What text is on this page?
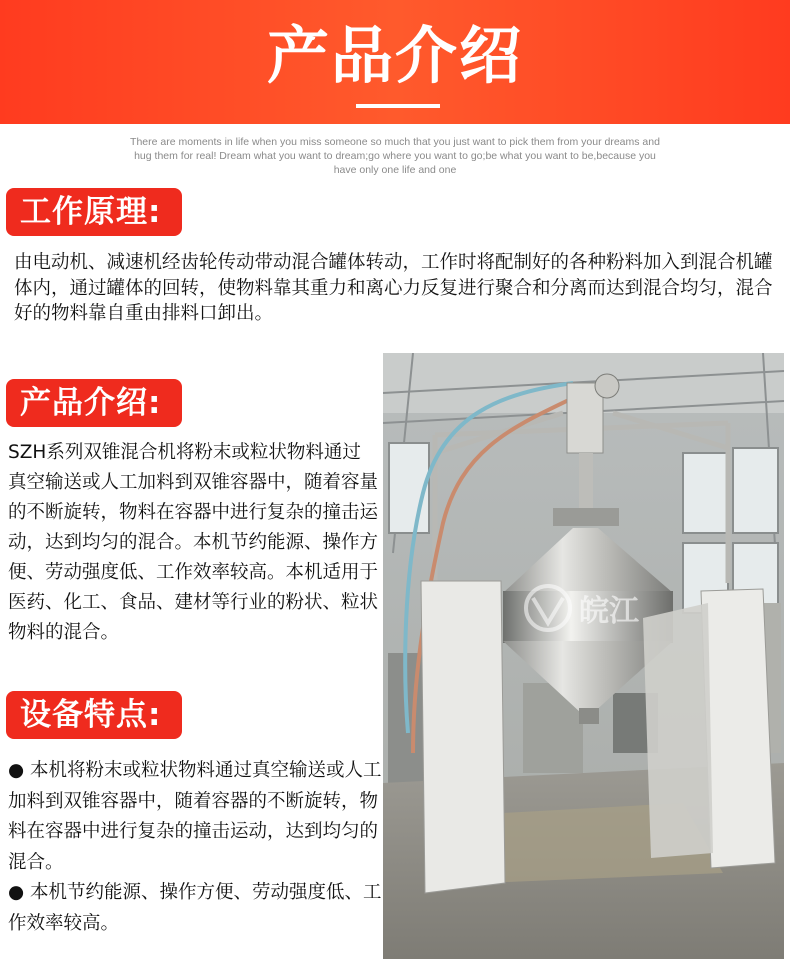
产品介绍
There are moments in life when you miss someone so much that you just want to pick them from your dreams and hug them for real! Dream what you want to dream;go where you want to go;be what you want to be,because you have only one life and one
工作原理:
由电动机、减速机经齿轮传动带动混合罐体转动，工作时将配制好的各种粉料加入到混合机罐体内，通过罐体的回转，使物料靠其重力和离心力反复进行聚合和分离而达到混合均匀，混合好的物料靠自重由排料口卸出。
产品介绍:
SZH系列双锥混合机将粉末或粒状物料通过真空输送或人工加料到双锥容器中，随着容量的不断旋转，物料在容器中进行复杂的撞击运动，达到均匀的混合。本机节约能源、操作方便、劳动强度低、工作效率较高。本机适用于医药、化工、食品、建材等行业的粉状、粒状物料的混合。
设备特点:

● 本机将粉末或粒状物料通过真空输送或人工加料到双锥容器中，随着容器的不断旋转，物料在容器中进行复杂的撞击运动，达到均匀的混合。

● 本机节约能源、操作方便、劳动强度低、工作效率较高。

皖江
